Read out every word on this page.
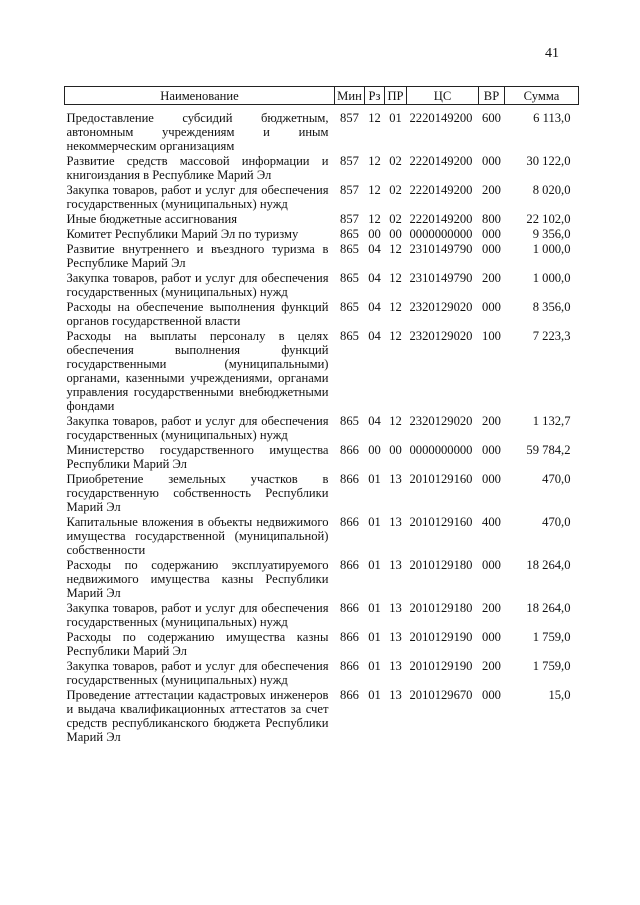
41
Наименование	Мин	Рз	ПР	ЦС	ВР	Сумма
Предоставление субсидий бюджетным, автономным учреждениям и иным некоммерческим организациям	857	12	01	2220149200	600	6 113,0
Развитие средств массовой информации и книгоиздания в Республике Марий Эл	857	12	02	2220149200	000	30 122,0
Закупка товаров, работ и услуг для обеспечения государственных (муниципальных) нужд	857	12	02	2220149200	200	8 020,0
Иные бюджетные ассигнования	857	12	02	2220149200	800	22 102,0
Комитет Республики Марий Эл по туризму	865	00	00	0000000000	000	9 356,0
Развитие внутреннего и въездного туризма в Республике Марий Эл	865	04	12	2310149790	000	1 000,0
Закупка товаров, работ и услуг для обеспечения государственных (муниципальных) нужд	865	04	12	2310149790	200	1 000,0
Расходы на обеспечение выполнения функций органов государственной власти	865	04	12	2320129020	000	8 356,0
Расходы на выплаты персоналу в целях обеспечения выполнения функций государственными (муниципальными) органами, казенными учреждениями, органами управления государственными внебюджетными фондами	865	04	12	2320129020	100	7 223,3
Закупка товаров, работ и услуг для обеспечения государственных (муниципальных) нужд	865	04	12	2320129020	200	1 132,7
Министерство государственного имущества Республики Марий Эл	866	00	00	0000000000	000	59 784,2
Приобретение земельных участков в государственную собственность Республики Марий Эл	866	01	13	2010129160	000	470,0
Капитальные вложения в объекты недвижимого имущества государственной (муниципальной) собственности	866	01	13	2010129160	400	470,0
Расходы по содержанию эксплуатируемого недвижимого имущества казны Республики Марий Эл	866	01	13	2010129180	000	18 264,0
Закупка товаров, работ и услуг для обеспечения государственных (муниципальных) нужд	866	01	13	2010129180	200	18 264,0
Расходы по содержанию имущества казны Республики Марий Эл	866	01	13	2010129190	000	1 759,0
Закупка товаров, работ и услуг для обеспечения государственных (муниципальных) нужд	866	01	13	2010129190	200	1 759,0
Проведение аттестации кадастровых инженеров и выдача квалификационных аттестатов за счет средств республиканского бюджета Республики Марий Эл	866	01	13	2010129670	000	15,0
